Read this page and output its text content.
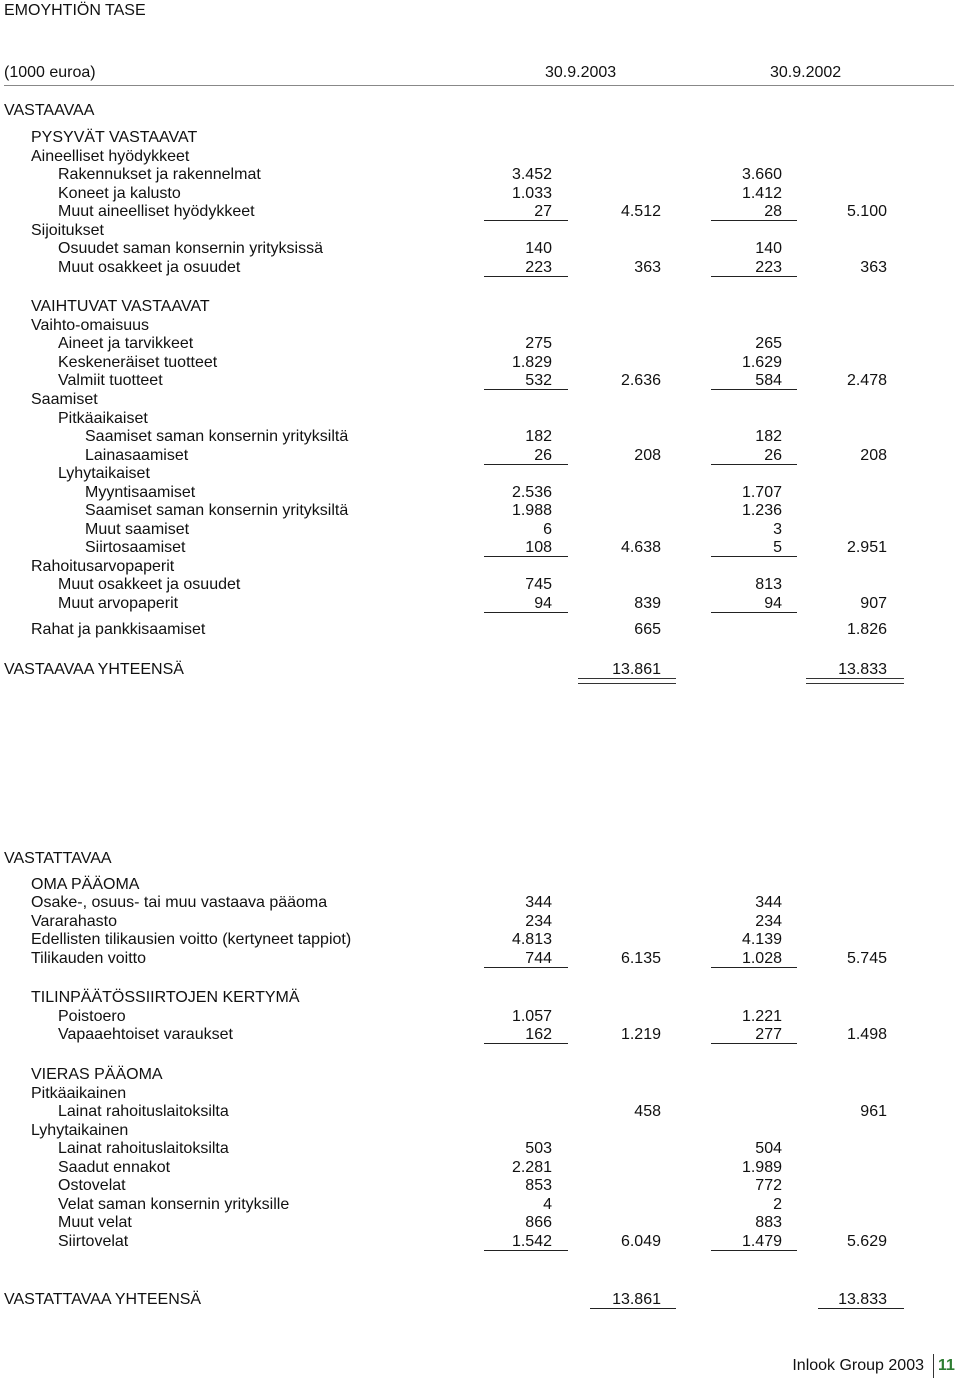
EMOYHTIÖN TASE
(1000 euroa)	30.9.2003	30.9.2002
VASTAAVAA
PYSYVÄT VASTAAVAT
Aineelliset hyödykkeet
Rakennukset ja rakennelmat	3.452	3.660
Koneet ja kalusto	1.033	1.412
Muut aineelliset hyödykkeet	27	4.512	28	5.100
Sijoitukset
Osuudet saman konsernin yrityksissä	140	140
Muut osakkeet ja osuudet	223	363	223	363
VAIHTUVAT VASTAAVAT
Vaihto-omaisuus
Aineet ja tarvikkeet	275	265
Keskeneräiset tuotteet	1.829	1.629
Valmiit tuotteet	532	2.636	584	2.478
Saamiset
Pitkäaikaiset
Saamiset saman konsernin yrityksiltä	182	182
Lainasaamiset	26	208	26	208
Lyhytaikaiset
Myyntisaamiset	2.536	1.707
Saamiset saman konsernin yrityksiltä	1.988	1.236
Muut saamiset	6	3
Siirtosaamiset	108	4.638	5	2.951
Rahoitusarvopaperit
Muut osakkeet ja osuudet	745	813
Muut arvopaperit	94	839	94	907
Rahat ja pankkisaamiset	665	1.826
VASTAAVAA YHTEENSÄ	13.861	13.833
VASTATTAVAA
OMA PÄÄOMA
Osake-, osuus- tai muu vastaava pääoma	344	344
Vararahasto	234	234
Edellisten tilikausien voitto (kertyneet tappiot)	4.813	4.139
Tilikauden voitto	744	6.135	1.028	5.745
TILINPÄÄTÖSSIIRTOJEN KERTYMÄ
Poistoero	1.057	1.221
Vapaaehtoiset varaukset	162	1.219	277	1.498
VIERAS PÄÄOMA
Pitkäaikainen
Lainat rahoituslaitoksilta	458	961
Lyhytaikainen
Lainat rahoituslaitoksilta	503	504
Saadut ennakot	2.281	1.989
Ostovelat	853	772
Velat saman konsernin yrityksille	4	2
Muut velat	866	883
Siirtovelat	1.542	6.049	1.479	5.629
VASTATTAVAA YHTEENSÄ	13.861	13.833
Inlook Group 2003 11
